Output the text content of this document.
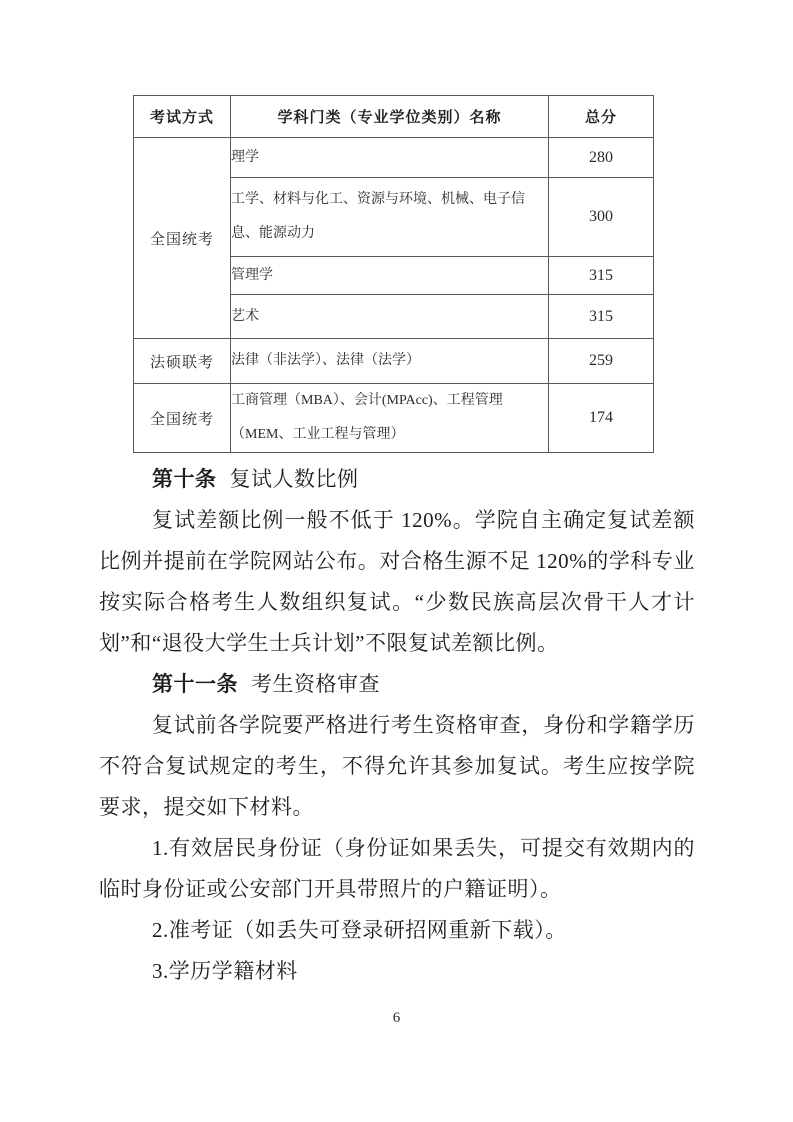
考试方式	学科门类（专业学位类别）名称	总分
全国统考	理学	280
	工学、材料与化工、资源与环境、机械、电子信息、能源动力	300
	管理学	315
	艺术	315
法硕联考	法律（非法学）、法律（法学）	259
全国统考	工商管理（MBA）、会计(MPAcc)、工程管理（MEM、工业工程与管理）	174

第十条 复试人数比例

复试差额比例一般不低于 120%。学院自主确定复试差额比例并提前在学院网站公布。对合格生源不足 120%的学科专业按实际合格考生人数组织复试。“少数民族高层次骨干人才计划”和“退役大学生士兵计划”不限复试差额比例。

第十一条 考生资格审查

复试前各学院要严格进行考生资格审查，身份和学籍学历不符合复试规定的考生，不得允许其参加复试。考生应按学院要求，提交如下材料。

1.有效居民身份证（身份证如果丢失，可提交有效期内的临时身份证或公安部门开具带照片的户籍证明）。

2.准考证（如丢失可登录研招网重新下载）。

3.学历学籍材料

6
